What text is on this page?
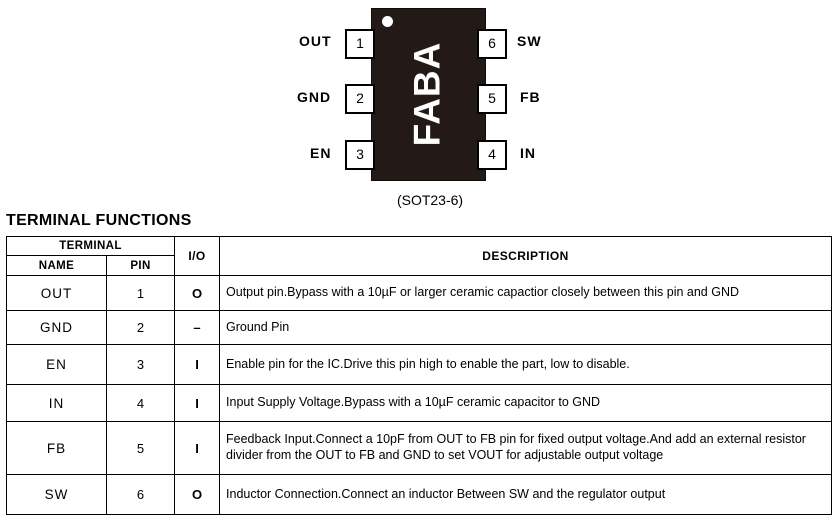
FABA
1
2
3
6
5
4
OUT
GND
EN
SW
FB
IN
(SOT23-6)
TERMINAL FUNCTIONS
TERMINAL		I/O	DESCRIPTION
NAME	PIN		
OUT	1	O	Output pin.Bypass with a 10µF or larger ceramic capactior closely between this pin and GND
GND	2	–	Ground Pin
EN	3	I	Enable pin for the IC.Drive this pin high to enable the part, low to disable.
IN	4	I	Input Supply Voltage.Bypass with a 10µF ceramic capacitor to GND
FB	5	I	Feedback Input.Connect a 10pF from OUT to FB pin for fixed output voltage.And add an external resistor divider from the OUT to FB and GND to set VOUT for adjustable output voltage
SW	6	O	Inductor Connection.Connect an inductor Between SW and the regulator output
